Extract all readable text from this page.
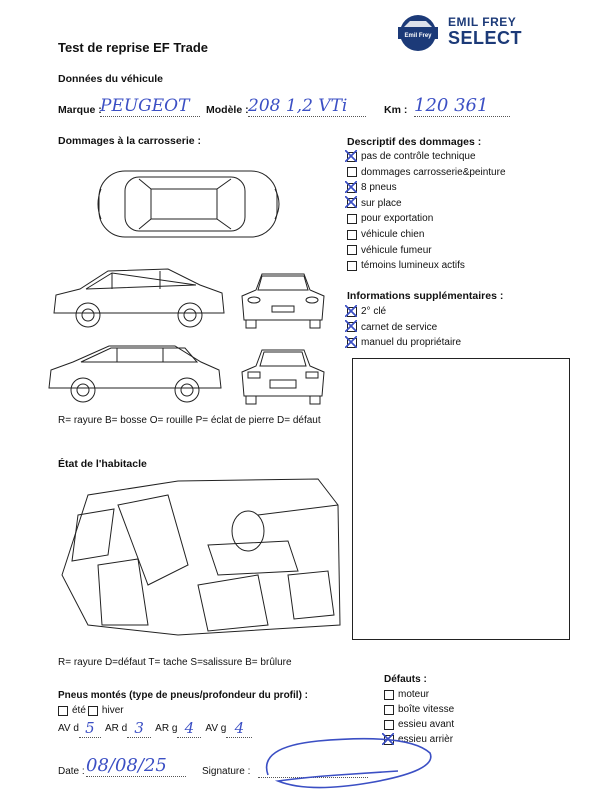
Emil Frey
EMIL FREY
SELECT
Test de reprise EF Trade
Données du véhicule
Marque :
PEUGEOT	Modèle : 208 1,2 VTi	Km : 120 361
Dommages à la carrosserie :
R= rayure B= bosse O= rouille P= éclat de pierre D= défaut
Descriptif des dommages :
pas de contrôle technique
dommages carrosserie&peinture
8 pneus
sur place
pour exportation
véhicule chien
véhicule fumeur
témoins lumineux actifs
Informations supplémentaires :
2° clé
carnet de service
manuel du propriétaire
État de l'habitacle
R= rayure D=défaut T= tache S=salissure B= brûlure
Pneus montés (type de pneus/profondeur du profil) :
été hiver
AV d 5	AR d 3	AR g 4	AV g 4
Défauts :
moteur
boîte vitesse
essieu avant
essieu arrièr
Date : 08/08/25	Signature :
